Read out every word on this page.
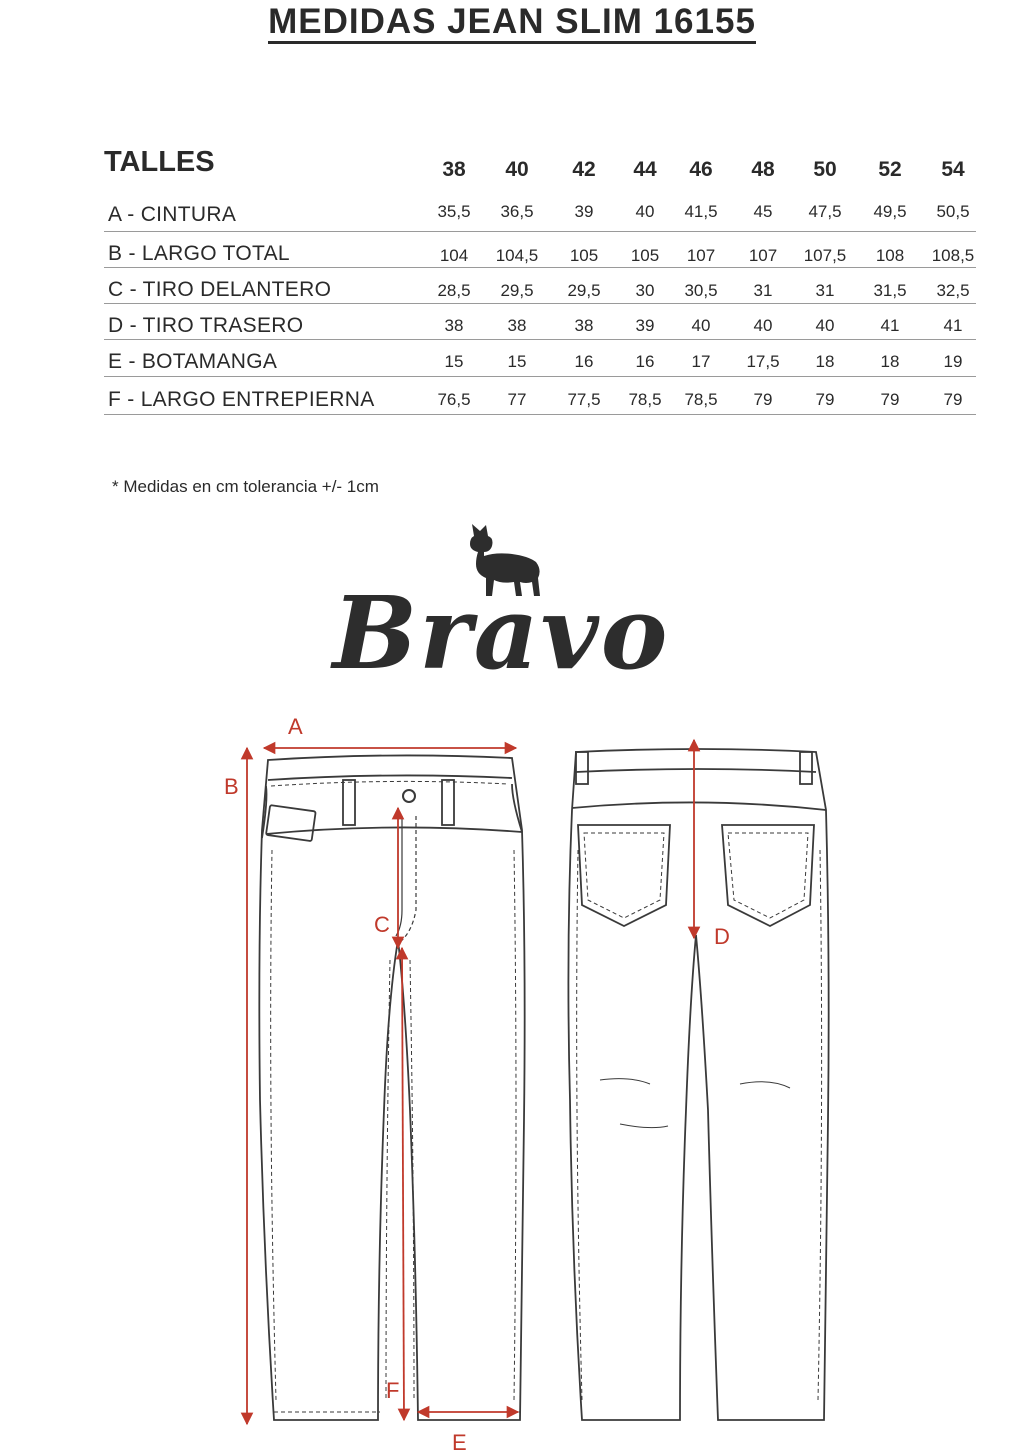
MEDIDAS JEAN SLIM 16155
TALLES	38	40	42	44	46	48	50	52	54
A - CINTURA	35,5	36,5	39	40	41,5	45	47,5	49,5	50,5
B - LARGO TOTAL	104	104,5	105	105	107	107	107,5	108	108,5
C - TIRO DELANTERO	28,5	29,5	29,5	30	30,5	31	31	31,5	32,5
D - TIRO TRASERO	38	38	38	39	40	40	40	41	41
E - BOTAMANGA	15	15	16	16	17	17,5	18	18	19
F - LARGO ENTREPIERNA	76,5	77	77,5	78,5	78,5	79	79	79	79
* Medidas en cm tolerancia +/- 1cm
Bravo
A
B
C	D
E
F
